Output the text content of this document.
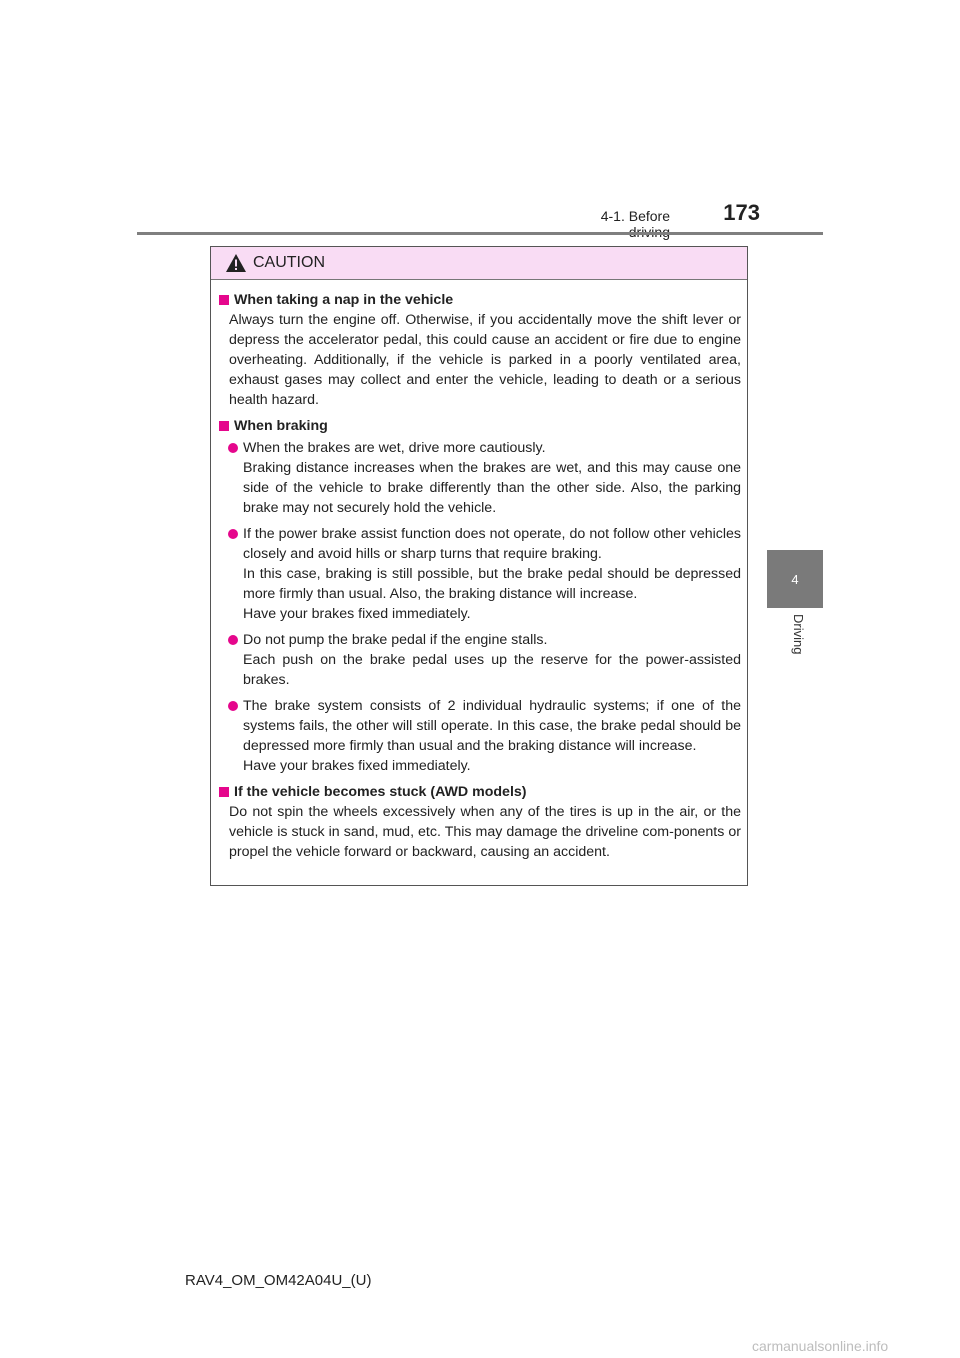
4-1. Before	173
4
Driving
CAUTION
When taking a nap in the vehicle
Always turn the engine off. Otherwise, if you accidentally move the shift lever or depress the accelerator pedal, this could cause an accident or fire due to engine overheating. Additionally, if the vehicle is parked in a poorly ventilated area, exhaust gases may collect and enter the vehicle, leading to death or a serious health hazard.
When braking
When the brakes are wet, drive more cautiously.
Braking distance increases when the brakes are wet, and this may cause one side of the vehicle to brake differently than the other side. Also, the parking brake may not securely hold the vehicle.
If the power brake assist function does not operate, do not follow other vehicles closely and avoid hills or sharp turns that require braking.
In this case, braking is still possible, but the brake pedal should be depressed more firmly than usual. Also, the braking distance will increase.
Have your brakes fixed immediately.
Do not pump the brake pedal if the engine stalls.
Each push on the brake pedal uses up the reserve for the power-assisted brakes.
The brake system consists of 2 individual hydraulic systems; if one of the systems fails, the other will still operate. In this case, the brake pedal should be depressed more firmly than usual and the braking distance will increase.
Have your brakes fixed immediately.
If the vehicle becomes stuck (AWD models)
Do not spin the wheels excessively when any of the tires is up in the air, or the vehicle is stuck in sand, mud, etc. This may damage the driveline com-ponents or propel the vehicle forward or backward, causing an accident.
RAV4_OM_OM42A04U_(U)
carmanualsonline.info
